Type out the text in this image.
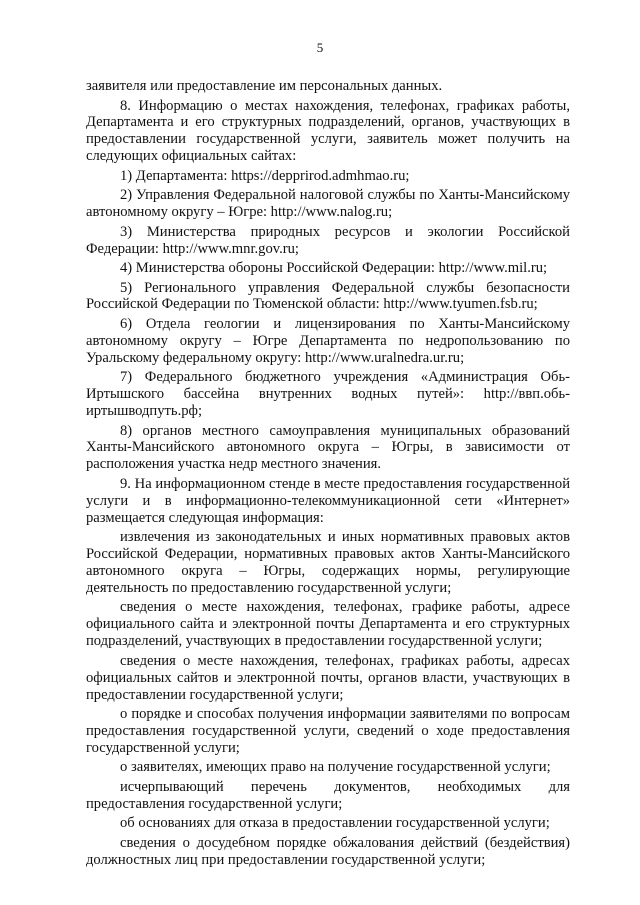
5

заявителя или предоставление им персональных данных.

8. Информацию о местах нахождения, телефонах, графиках работы, Департамента и его структурных подразделений, органов, участвующих в предоставлении государственной услуги, заявитель может получить на следующих официальных сайтах:

1) Департамента: https://depprirod.admhmao.ru;

2) Управления Федеральной налоговой службы по Ханты-Мансийскому автономному округу – Югре: http://www.nalog.ru;

3) Министерства природных ресурсов и экологии Российской Федерации: http://www.mnr.gov.ru;

4) Министерства обороны Российской Федерации: http://www.mil.ru;

5) Регионального управления Федеральной службы безопасности Российской Федерации по Тюменской области: http://www.tyumen.fsb.ru;

6) Отдела геологии и лицензирования по Ханты-Мансийскому автономному округу – Югре Департамента по недропользованию по Уральскому федеральному округу: http://www.uralnedra.ur.ru;

7) Федерального бюджетного учреждения «Администрация Обь-Иртышского бассейна внутренних водных путей»: http://ввп.обь-иртышводпуть.рф;

8) органов местного самоуправления муниципальных образований Ханты-Мансийского автономного округа – Югры, в зависимости от расположения участка недр местного значения.

9. На информационном стенде в месте предоставления государственной услуги и в информационно-телекоммуникационной сети «Интернет» размещается следующая информация:

извлечения из законодательных и иных нормативных правовых актов Российской Федерации, нормативных правовых актов Ханты-Мансийского автономного округа – Югры, содержащих нормы, регулирующие деятельность по предоставлению государственной услуги;

сведения о месте нахождения, телефонах, графике работы, адресе официального сайта и электронной почты Департамента и его структурных подразделений, участвующих в предоставлении государственной услуги;

сведения о месте нахождения, телефонах, графиках работы, адресах официальных сайтов и электронной почты, органов власти, участвующих в предоставлении государственной услуги;

о порядке и способах получения информации заявителями по вопросам предоставления государственной услуги, сведений о ходе предоставления государственной услуги;

о заявителях, имеющих право на получение государственной услуги;

исчерпывающий перечень документов, необходимых для предоставления государственной услуги;

об основаниях для отказа в предоставлении государственной услуги;

сведения о досудебном порядке обжалования действий (бездействия) должностных лиц при предоставлении государственной услуги;
